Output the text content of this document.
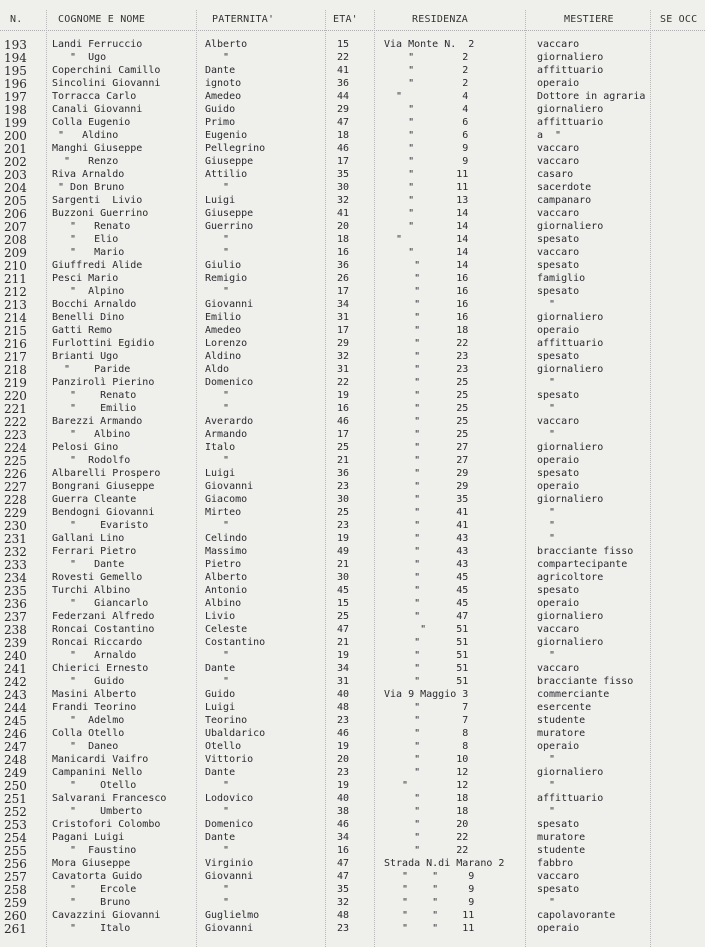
N.	COGNOME E NOME	PATERNITA'	ETA'	RESIDENZA	MESTIERE	SE OCC
193	Landi Ferruccio	Alberto	15	Via Monte N.  2	vaccaro
194	"  Ugo	"	22	"        2	giornaliero
195	Coperchini Camillo	Dante	41	"        2	affittuario
196	Sincolini Giovanni	ignoto	36	"        2	operaio
197	Torracca Carlo	Amedeo	44	"          4	Dottore in agraria
198	Canali Giovanni	Guido	29	"        4	giornaliero
199	Colla Eugenio	Primo	47	"        6	affittuario
200	"   Aldino	Eugenio	18	"        6	a  "
201	Manghi Giuseppe	Pellegrino	46	"        9	vaccaro
202	"   Renzo	Giuseppe	17	"        9	vaccaro
203	Riva Arnaldo	Attilio	35	"       11	casaro
204	" Don Bruno	"	30	"       11	sacerdote
205	Sargenti  Livio	Luigi	32	"       13	campanaro
206	Buzzoni Guerrino	Giuseppe	41	"       14	vaccaro
207	"   Renato	Guerrino	20	"       14	giornaliero
208	"   Elio	"	18	"         14	spesato
209	"   Mario	"	16	"       14	vaccaro
210	Giuffredi Alide	Giulio	36	"      14	spesato
211	Pesci Mario	Remigio	26	"      16	famiglio
212	"  Alpino	"	17	"      16	spesato
213	Bocchi Arnaldo	Giovanni	34	"      16	"
214	Benelli Dino	Emilio	31	"      16	giornaliero
215	Gatti Remo	Amedeo	17	"      18	operaio
216	Furlottini Egidio	Lorenzo	29	"      22	affittuario
217	Brianti Ugo	Aldino	32	"      23	spesato
218	"    Paride	Aldo	31	"      23	giornaliero
219	Panzirolì Pierino	Domenico	22	"      25	"
220	"    Renato	"	19	"      25	spesato
221	"    Emilio	"	16	"      25	"
222	Barezzi Armando	Averardo	46	"      25	vaccaro
223	"   Albino	Armando	17	"      25	"
224	Pelosi Gino	Italo	25	"      27	giornaliero
225	"  Rodolfo	"	21	"      27	operaio
226	Albarelli Prospero	Luigi	36	"      29	spesato
227	Bongrani Giuseppe	Giovanni	23	"      29	operaio
228	Guerra Cleante	Giacomo	30	"      35	giornaliero
229	Bendogni Giovanni	Mirteo	25	"      41	"
230	"    Evaristo	"	23	"      41	"
231	Gallani Lino	Celindo	19	"      43	"
232	Ferrari Pietro	Massimo	49	"      43	bracciante fisso
233	"   Dante	Pietro	21	"      43	compartecipante
234	Rovesti Gemello	Alberto	30	"      45	agricoltore
235	Turchi Albino	Antonio	45	"      45	spesato
236	"   Giancarlo	Albino	15	"      45	operaio
237	Federzani Alfredo	Livio	25	"      47	giornaliero
238	Roncai Costantino	Celeste	47	"     51	vaccaro
239	Roncai Riccardo	Costantino	21	"      51	giornaliero
240	"   Arnaldo	"	19	"      51	"
241	Chierici Ernesto	Dante	34	"      51	vaccaro
242	"   Guido	"	31	"      51	bracciante fisso
243	Masini Alberto	Guido	40	Via 9 Maggio 3	commerciante
244	Frandi Teorino	Luigi	48	"       7	esercente
245	"  Adelmo	Teorino	23	"       7	studente
246	Colla Otello	Ubaldarico	46	"       8	muratore
247	"  Daneo	Otello	19	"       8	operaio
248	Manicardi Vaifro	Vittorio	20	"      10	"
249	Campanini Nello	Dante	23	"      12	giornaliero
250	"    Otello	"	19	"        12	"
251	Salvarani Francesco	Lodovico	40	"      18	affittuario
252	"    Umberto	"	38	"      18	"
253	Cristofori Colombo	Domenico	46	"      20	spesato
254	Pagani Luigi	Dante	34	"      22	muratore
255	"  Faustino	"	16	"      22	studente
256	Mora Giuseppe	Virginio	47	Strada N.di Marano 2	fabbro
257	Cavatorta Guido	Giovanni	47	"    "     9	vaccaro
258	"    Ercole	"	35	"    "     9	spesato
259	"    Bruno	"	32	"    "     9	"
260	Cavazzini Giovanni	Guglielmo	48	"    "    11	capolavorante
261	"    Italo	Giovanni	23	"    "    11	operaio
